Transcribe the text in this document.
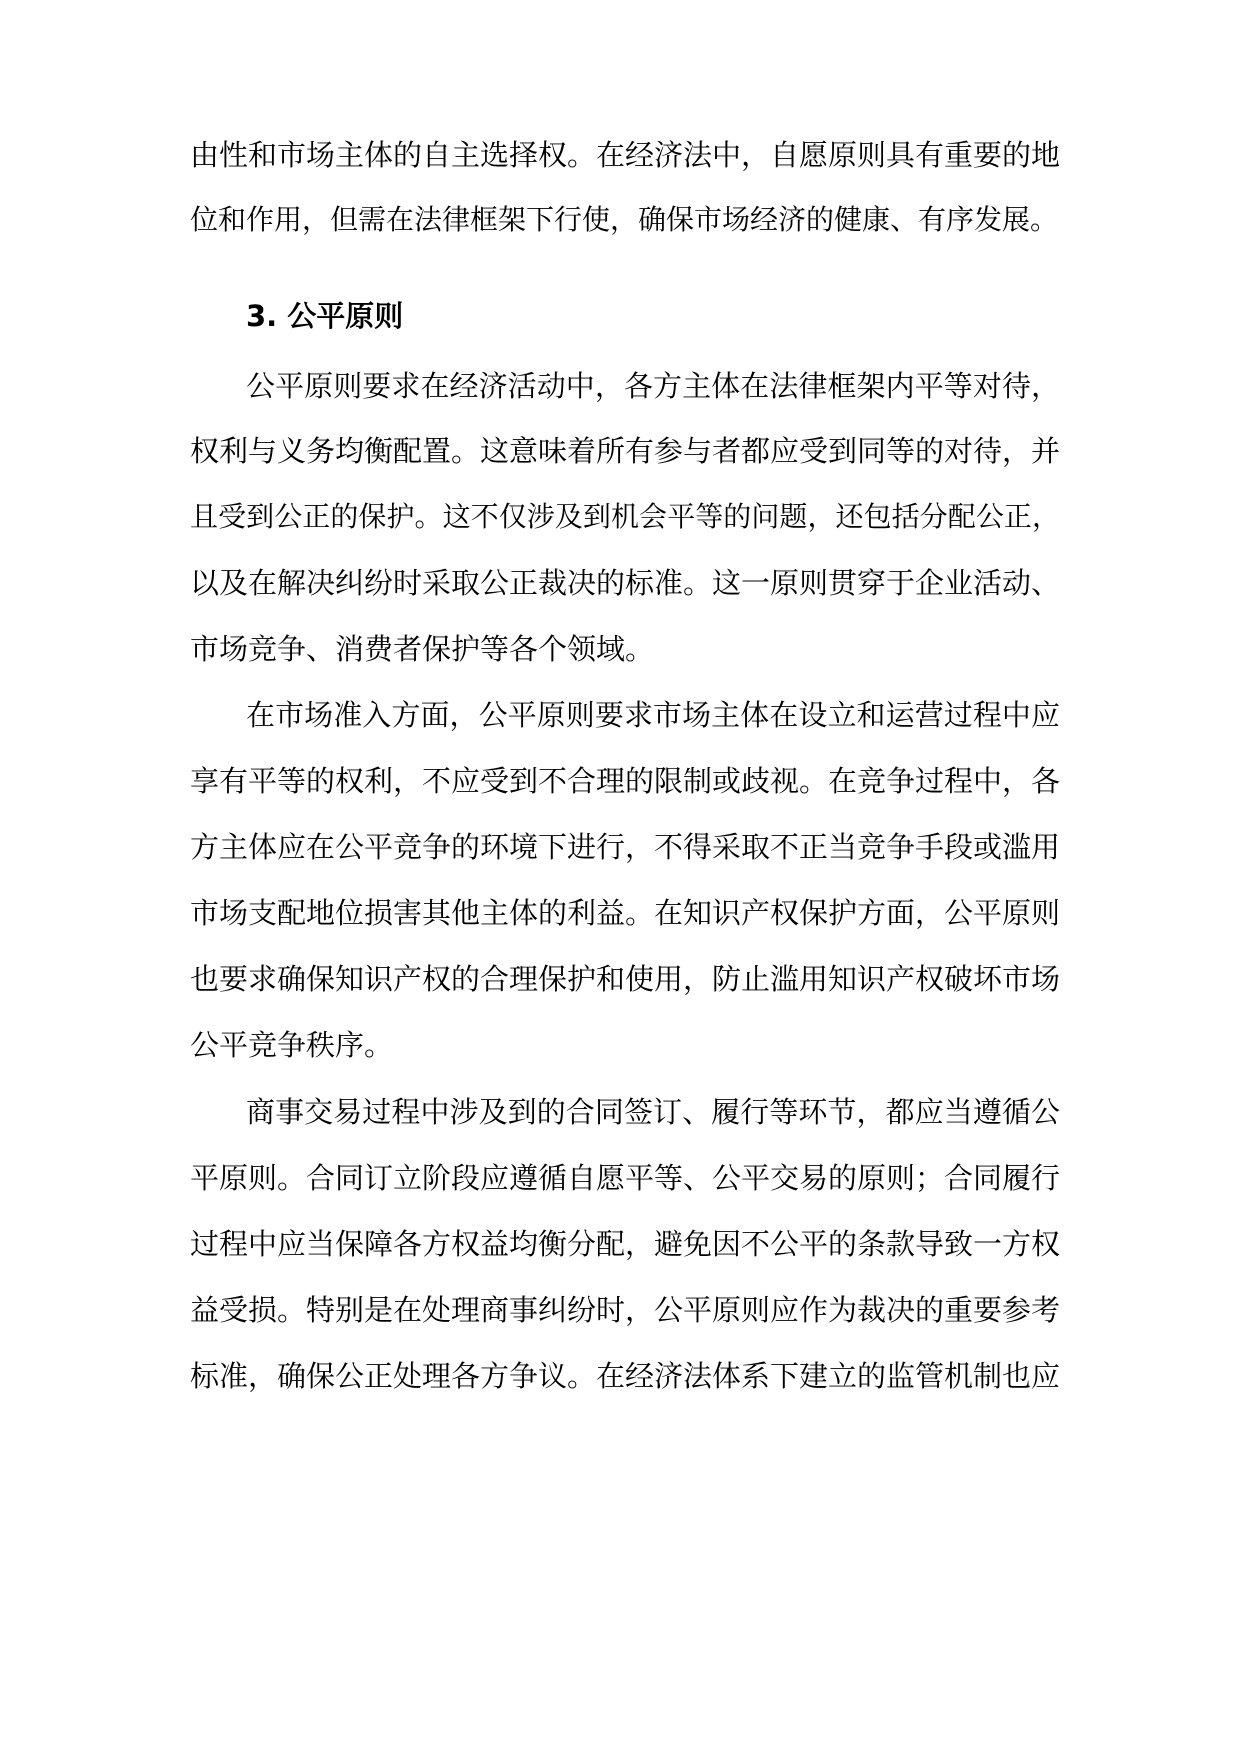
由性和市场主体的自主选择权。在经济法中，自愿原则具有重要的地
位和作用，但需在法律框架下行使，确保市场经济的健康、有序发展。
3. 公平原则
公平原则要求在经济活动中，各方主体在法律框架内平等对待，
权利与义务均衡配置。这意味着所有参与者都应受到同等的对待，并
且受到公正的保护。这不仅涉及到机会平等的问题，还包括分配公正，
以及在解决纠纷时采取公正裁决的标准。这一原则贯穿于企业活动、
市场竞争、消费者保护等各个领域。
在市场准入方面，公平原则要求市场主体在设立和运营过程中应
享有平等的权利，不应受到不合理的限制或歧视。在竞争过程中，各
方主体应在公平竞争的环境下进行，不得采取不正当竞争手段或滥用
市场支配地位损害其他主体的利益。在知识产权保护方面，公平原则
也要求确保知识产权的合理保护和使用，防止滥用知识产权破坏市场
公平竞争秩序。
商事交易过程中涉及到的合同签订、履行等环节，都应当遵循公
平原则。合同订立阶段应遵循自愿平等、公平交易的原则；合同履行
过程中应当保障各方权益均衡分配，避免因不公平的条款导致一方权
益受损。特别是在处理商事纠纷时，公平原则应作为裁决的重要参考
标准，确保公正处理各方争议。在经济法体系下建立的监管机制也应
